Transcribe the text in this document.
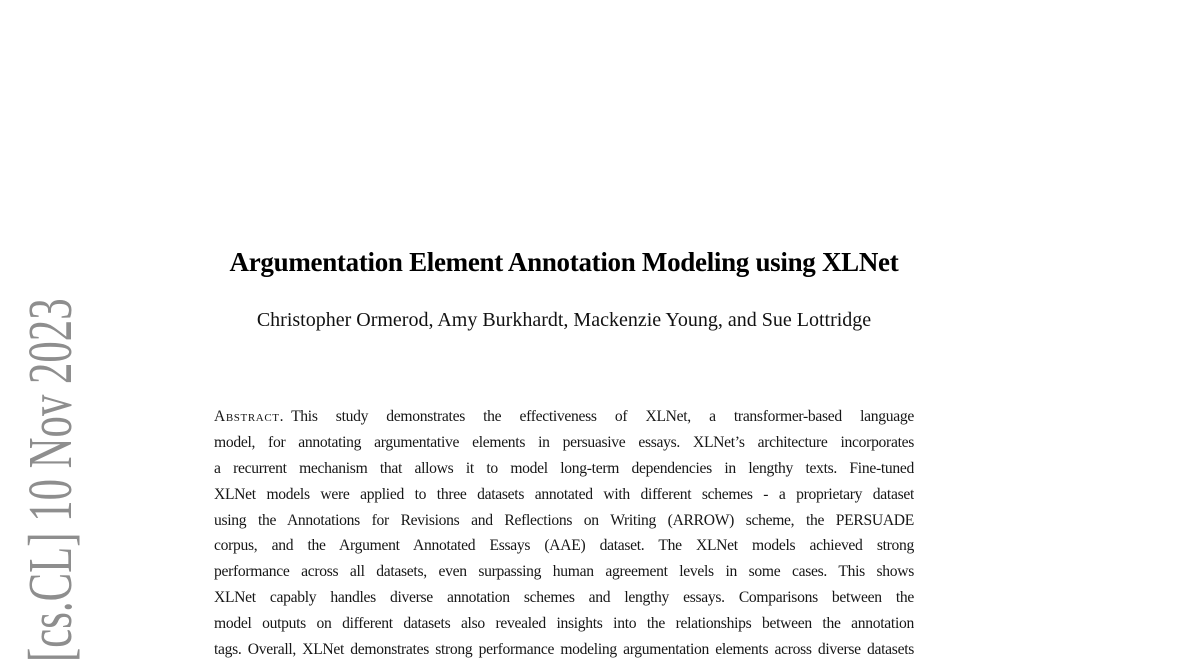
[cs.CL] 10 Nov 2023
Argumentation Element Annotation Modeling using XLNet
Christopher Ormerod, Amy Burkhardt, Mackenzie Young, and Sue Lottridge
Abstract. This study demonstrates the effectiveness of XLNet, a transformer-based language
model, for annotating argumentative elements in persuasive essays. XLNet’s architecture incorporates
a recurrent mechanism that allows it to model long-term dependencies in lengthy texts. Fine-tuned
XLNet models were applied to three datasets annotated with different schemes - a proprietary dataset
using the Annotations for Revisions and Reflections on Writing (ARROW) scheme, the PERSUADE
corpus, and the Argument Annotated Essays (AAE) dataset. The XLNet models achieved strong
performance across all datasets, even surpassing human agreement levels in some cases. This shows
XLNet capably handles diverse annotation schemes and lengthy essays. Comparisons between the
model outputs on different datasets also revealed insights into the relationships between the annotation
tags. Overall, XLNet demonstrates strong performance modeling argumentation elements across diverse datasets
